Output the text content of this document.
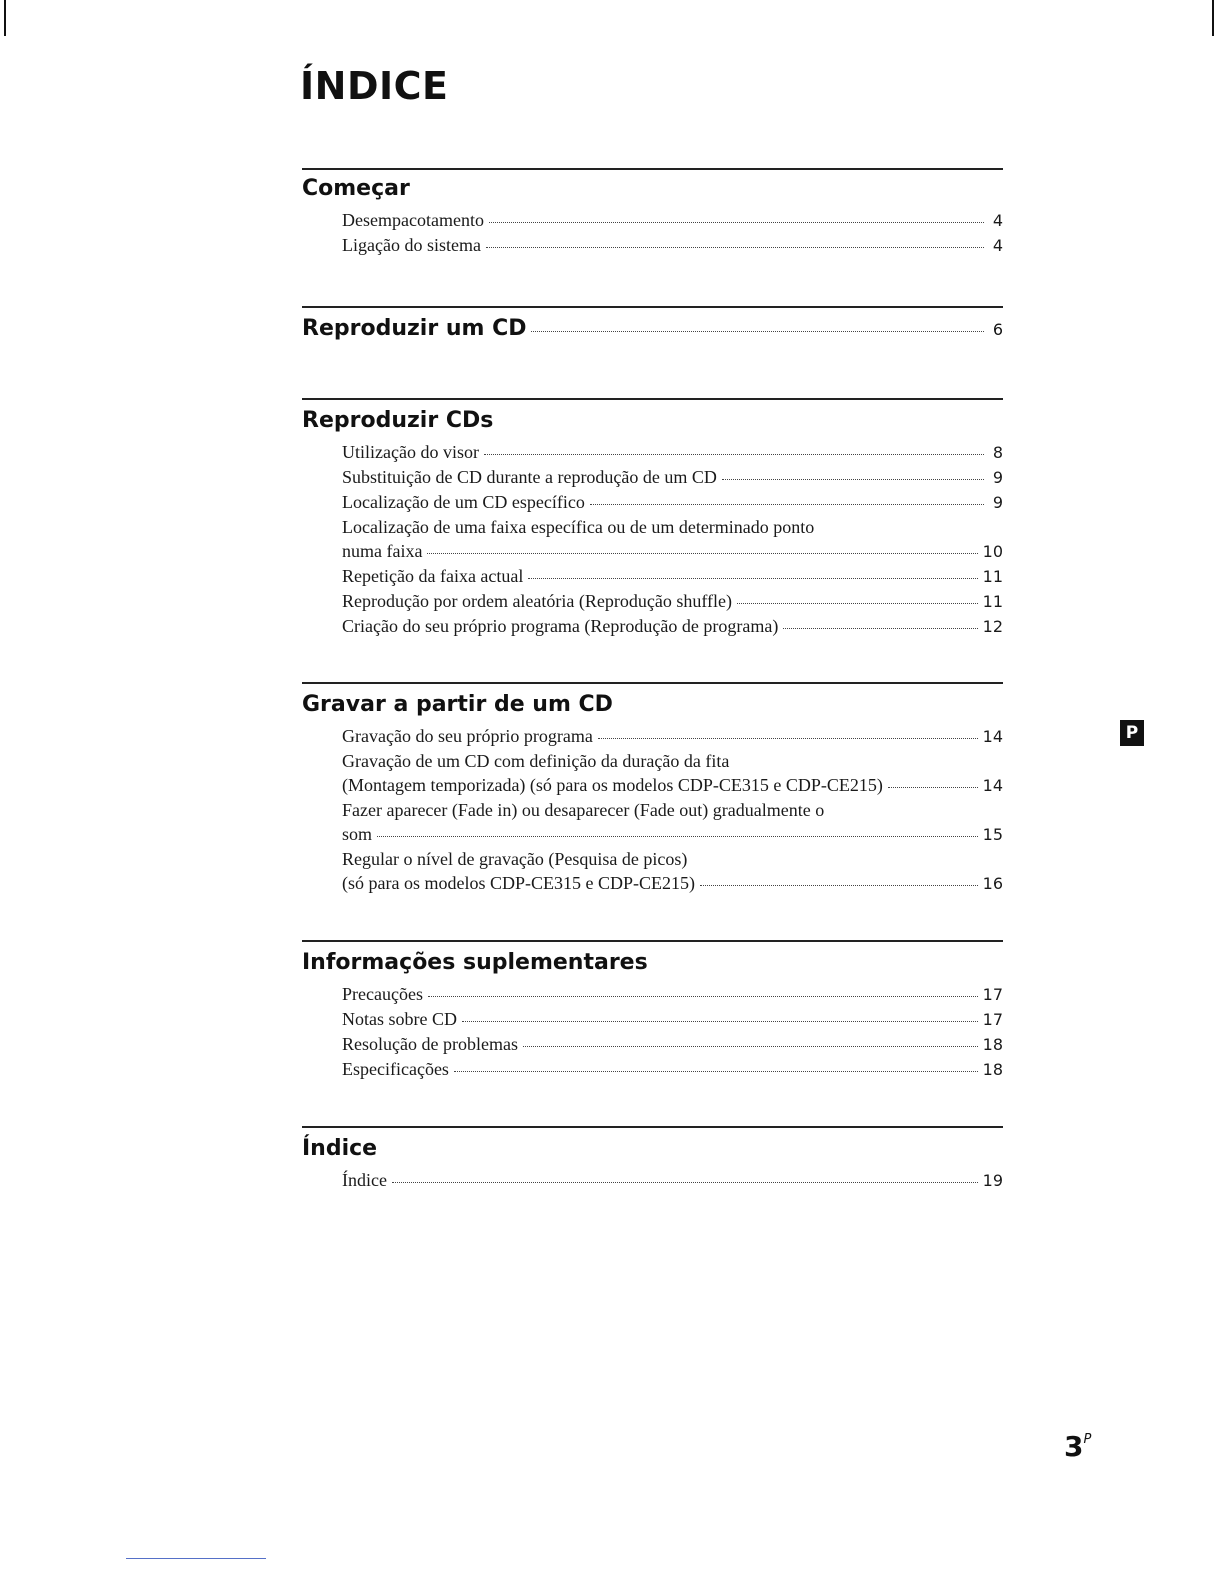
ÍNDICE
Começar
Desempacotamento	4
Ligação do sistema	4
Reproduzir um CD	6
Reproduzir CDs
Utilização do visor	8
Substituição de CD durante a reprodução de um CD	9
Localização de um CD específico	9
Localização de uma faixa específica ou de um determinado ponto
numa faixa	10
Repetição da faixa actual	11
Reprodução por ordem aleatória (Reprodução shuffle)	11
Criação do seu próprio programa (Reprodução de programa)	12
Gravar a partir de um CD
Gravação do seu próprio programa	14
Gravação de um CD com definição da duração da fita
(Montagem temporizada) (só para os modelos CDP-CE315 e CDP-CE215)	14
Fazer aparecer (Fade in) ou desaparecer (Fade out) gradualmente o
som	15
Regular o nível de gravação (Pesquisa de picos)
(só para os modelos CDP-CE315 e CDP-CE215)	16
Informações suplementares
Precauções	17
Notas sobre CD	17
Resolução de problemas	18
Especificações	18
Índice
Índice	19
P
$3^P$
